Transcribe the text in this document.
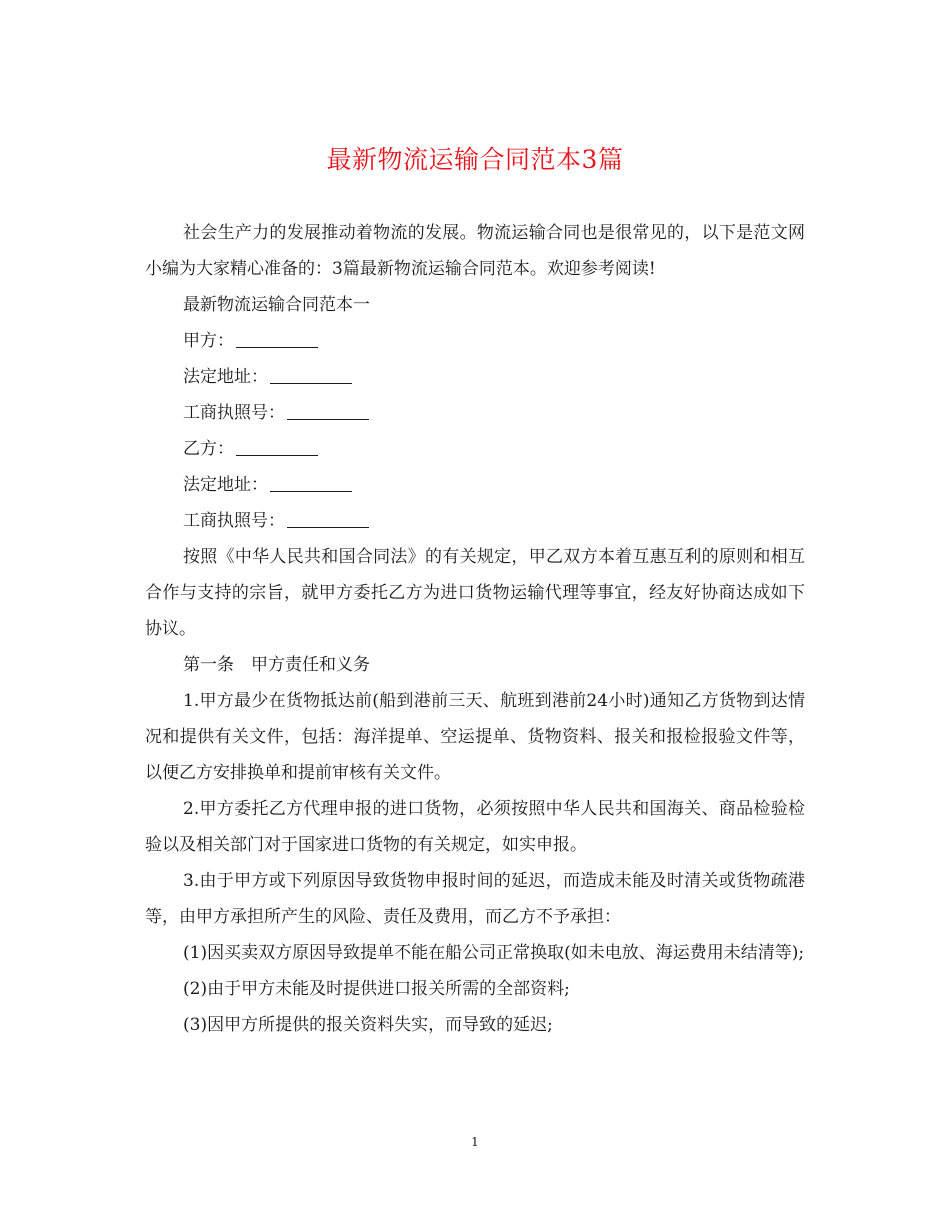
最新物流运输合同范本3篇

社会生产力的发展推动着物流的发展。物流运输合同也是很常见的，以下是范文网小编为大家精心准备的：3篇最新物流运输合同范本。欢迎参考阅读!

最新物流运输合同范本一

甲方：

法定地址：

工商执照号：

乙方：

法定地址：

工商执照号：

按照《中华人民共和国合同法》的有关规定，甲乙双方本着互惠互利的原则和相互合作与支持的宗旨，就甲方委托乙方为进口货物运输代理等事宜，经友好协商达成如下协议。

第一条　甲方责任和义务

1.甲方最少在货物抵达前(船到港前三天、航班到港前24小时)通知乙方货物到达情况和提供有关文件，包括：海洋提单、空运提单、货物资料、报关和报检报验文件等，以便乙方安排换单和提前审核有关文件。

2.甲方委托乙方代理申报的进口货物，必须按照中华人民共和国海关、商品检验检验以及相关部门对于国家进口货物的有关规定，如实申报。

3.由于甲方或下列原因导致货物申报时间的延迟，而造成未能及时清关或货物疏港等，由甲方承担所产生的风险、责任及费用，而乙方不予承担：

(1)因买卖双方原因导致提单不能在船公司正常换取(如未电放、海运费用未结清等);

(2)由于甲方未能及时提供进口报关所需的全部资料;

(3)因甲方所提供的报关资料失实，而导致的延迟;

1
